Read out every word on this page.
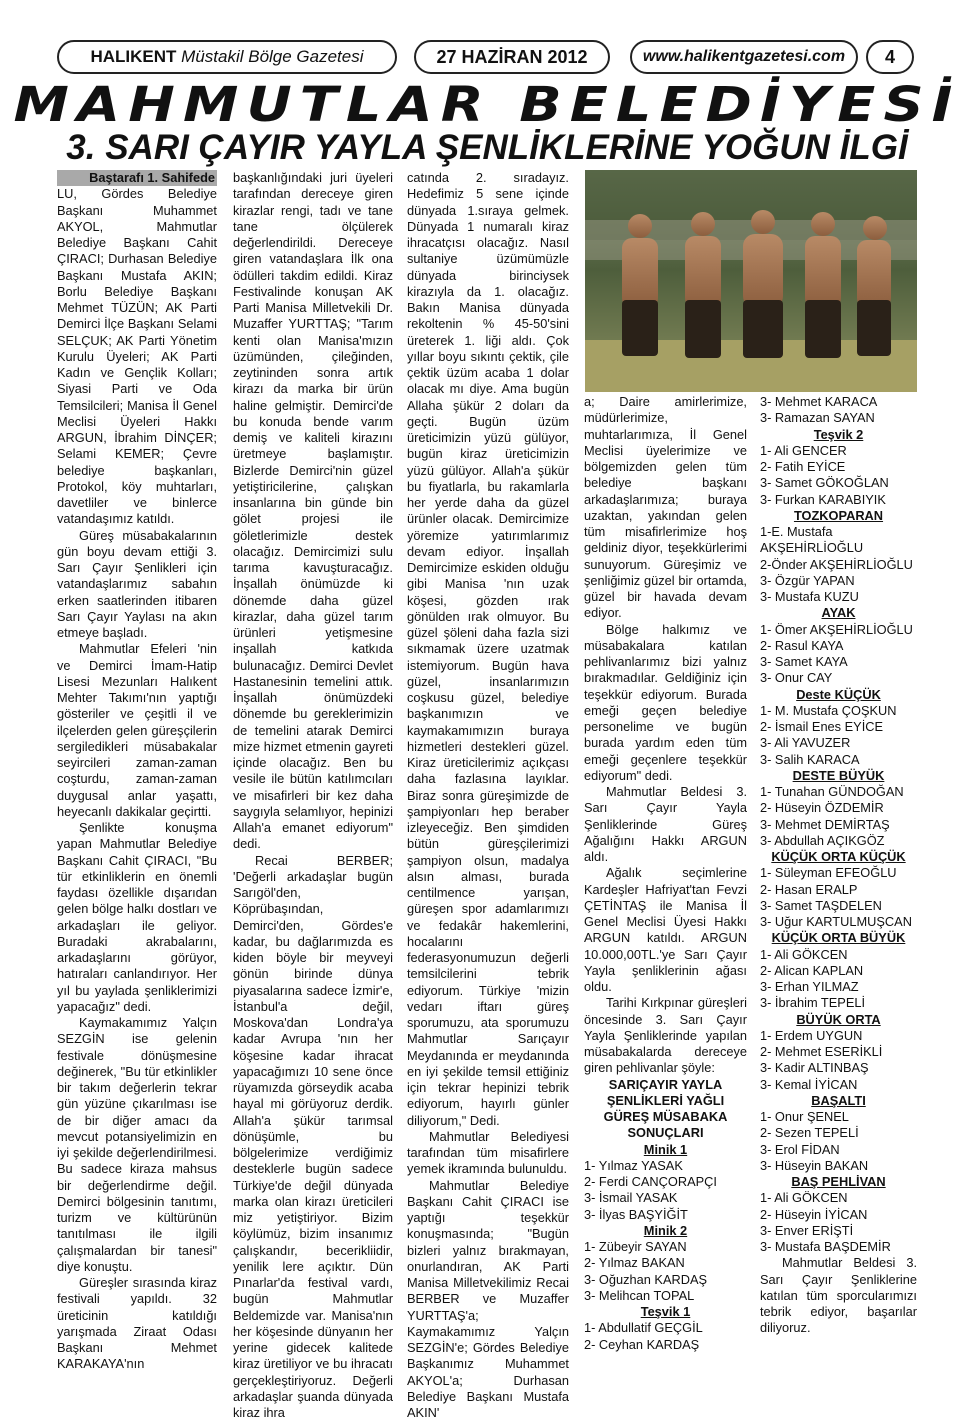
HALIKENT
Müstakil Bölge Gazetesi	27 HAZİRAN 2012	www.halikentgazetesi.com	4
MAHMUTLAR BELEDİYESİ
3. SARI ÇAYIR YAYLA ŞENLİKLERİNE YOĞUN İLGİ
Baştarafı 1. Sahifede

LU, Gördes Belediye Başkanı Muhammet AKYOL, Mahmutlar Belediye Başkanı Cahit ÇIRACI; Durhasan Belediye Başkanı Mustafa AKIN; Borlu Belediye Başkanı Mehmet TÜZÜN; AK Parti Demirci İlçe Başkanı Selami SELÇUK; AK Parti Yönetim Kurulu Üyeleri; AK Parti Kadın ve Gençlik Kolları; Siyasi Parti ve Oda Temsilcileri; Manisa İl Genel Meclisi Üyeleri Hakkı ARGUN, İbrahim DİNÇER; Selami KEMER; Çevre belediye başkanları, Protokol, köy muhtarları, davetliler ve binlerce vatandaşımız katıldı.

Güreş müsabakalarının gün boyu devam ettiği 3. Sarı Çayır Şenlikleri için vatandaşlarımız sabahın erken saatlerinden itibaren Sarı Çayır Yaylası na akın etmeye başladı.

Mahmutlar Efeleri 'nin ve Demirci İmam-Hatip Lisesi Mezunları Halıkent Mehter Takımı'nın yaptığı gösteriler ve çeşitli il ve ilçelerden gelen güreşçilerin sergiledikleri müsabakalar seyircileri zaman-zaman coşturdu, zaman-zaman duygusal anlar yaşattı, heyecanlı dakikalar geçirtti.

Şenlikte konuşma yapan Mahmutlar Belediye Başkanı Cahit ÇIRACI, "Bu tür etkinliklerin en önemli faydası özellikle dışarıdan gelen bölge halkı dostları ve arkadaşları ile geliyor. Buradaki akrabalarını, arkadaşlarını görüyor, hatıraları canlandırıyor. Her yıl bu yaylada şenliklerimizi yapacağız" dedi.

Kaymakamımız Yalçın SEZGİN ise gelenin festivale dönüşmesine değinerek, "Bu tür etkinlikler bir takım değerlerin tekrar gün yüzüne çıkarılması ise de bir diğer amacı da mevcut potansiyelimizin en iyi şekilde değerlendirilmesi. Bu sadece kiraza mahsus bir değerlendirme değil. Demirci bölgesinin tanıtımı, turizm ve kültürünün tanıtılması ile ilgili çalışmalardan bir tanesi" diye konuştu.

Güreşler sırasında kiraz festivali yapıldı. 32 üreticinin katıldığı yarışmada Ziraat Odası Başkanı Mehmet KARAKAYA'nın

başkanlığındaki juri üyeleri tarafından dereceye giren kirazlar rengi, tadı ve tane tane ölçülerek değerlendirildi. Dereceye giren vatandaşlara İlk ona ödülleri takdim edildi. Kiraz Festivalinde konuşan AK Parti Manisa Milletvekili Dr. Muzaffer YURTTAŞ; "Tarım kenti olan Manisa'mızın üzümünden, çileğinden, zeytininden sonra artık kirazı da marka bir ürün haline gelmiştir. Demirci'de bu konuda bende varım demiş ve kaliteli kirazını üretmeye başlamıştır. Bizlerde Demirci'nin güzel yetiştiricilerine, çalışkan insanlarına bin günde bin gölet projesi ile göletlerimizle destek olacağız. Demircimizi sulu tarıma kavuşturacağız. İnşallah önümüzde ki dönemde daha güzel kirazlar, daha güzel tarım ürünleri yetişmesine inşallah katkıda bulunacağız. Demirci Devlet Hastanesinin temelini attık. İnşallah önümüzdeki dönemde bu gereklerimizin de temelini atarak Demirci mize hizmet etmenin gayreti içinde olacağız. Ben bu vesile ile bütün katılımcıları ve misafirleri bir kez daha saygıyla selamlıyor, hepinizi Allah'a emanet ediyorum" dedi.

Recai BERBER; 'Değerli arkadaşlar bugün Sarıgöl'den, Köprübaşından, Demirci'den, Gördes'e kadar, bu dağlarımızda es kiden böyle bir meyveyi gönün birinde dünya piyasalarına sadece İzmir'e, İstanbul'a değil, Moskova'dan Londra'ya kadar Avrupa 'nın her köşesine kadar ihracat yapacağımızı 10 sene önce rüyamızda görseydik acaba hayal mi görüyoruz derdik. Allah'a şükür tarımsal dönüşümle, bu bölgelerimize verdiğimiz desteklerle bugün sadece Türkiye'de değil dünyada marka olan kirazı üreticileri miz yetiştiriyor. Bizim köylümüz, bizim insanımız çalışkandır, becerikliidir, yenilik lere açıktır. Dün Pınarlar'da festival vardı, bugün Mahmutlar Beldemizde var. Manisa'nın her köşesinde dünyanın her yerine gidecek kalitede kiraz üretiliyor ve bu ihracatı gerçekleştiriyoruz. Değerli arkadaşlar şuanda dünyada kiraz ihra

catında 2. sıradayız. Hedefimiz 5 sene içinde dünyada 1.sıraya gelmek. Dünyada 1 numaralı kiraz ihracatçısı olacağız. Nasıl sultaniye üzümümüzle dünyada birinciysek kirazıyla da 1. olacağız. Bakın Manisa dünyada rekoltenin % 45-50'sini üreterek 1. liği aldı. Çok yıllar boyu sıkıntı çektik, çile çektik üzüm acaba 1 dolar olacak mı diye. Ama bugün Allaha şükür 2 doları da geçti. Bugün üzüm üreticimizin yüzü gülüyor, bugün kiraz üreticimizin yüzü gülüyor. Allah'a şükür bu fiyatlarla, bu rakamlarla her yerde daha da güzel ürünler olacak. Demircimize yöremize yatırımlarımız devam ediyor. İnşallah Demircimize eskiden olduğu gibi Manisa 'nın uzak köşesi, gözden ırak gönülden ırak olmuyor. Bu güzel şöleni daha fazla sizi sıkmamak üzere uzatmak istemiyorum. Bugün hava güzel, insanlarımızın coşkusu güzel, belediye başkanımızın ve kaymakamımızın buraya hizmetleri destekleri güzel. Kiraz üreticilerimiz açıkçası daha fazlasına layıklar. Biraz sonra güreşimizde de şampiyonları hep beraber izleyeceğiz. Ben şimdiden bütün güreşçilerimizi şampiyon olsun, madalya alsın alması, burada centilmence yarışan, güreşen spor adamlarımızı ve fedakâr hakemlerini, hocalarını federasyonumuzun değerli temsilcilerini tebrik ediyorum. Türkiye 'mizin vedarı iftarı güreş sporumuzu, ata sporumuzu Mahmutlar Sarıçayır Meydanında er meydanında en iyi şekilde temsil ettiğiniz için tekrar hepinizi tebrik ediyorum, hayırlı günler diliyorum," Dedi.

Mahmutlar Belediyesi tarafından tüm misafirlere yemek ikramında bulunuldu.

Mahmutlar Belediye Başkanı Cahit ÇIRACI ise yaptığı teşekkür konuşmasında; "Bugün bizleri yalnız bırakmayan, onurlandıran, AK Parti Manisa Milletvekilimiz Recai BERBER ve Muzaffer YURTTAŞ'a; Kaymakamımız Yalçın SEZGİN'e; Gördes Belediye Başkanımız Muhammet AKYOL'a; Durhasan Belediye Başkanı Mustafa AKIN'

a; Daire amirlerimize, müdürlerimize, muhtarlarımıza, İl Genel Meclisi üyelerimize ve bölgemizden gelen tüm belediye başkanı arkadaşlarımıza; buraya uzaktan, yakından gelen tüm misafirlerimize hoş geldiniz diyor, teşekkürlerimi sunuyorum. Güreşimiz ve şenliğimiz güzel bir ortamda, güzel bir havada devam ediyor.

Bölge halkımız ve müsabakalara katılan pehlivanlarımız bizi yalnız bırakmadılar. Geldiğiniz için teşekkür ediyorum. Burada emeği geçen belediye personelime ve bugün burada yardım eden tüm emeği geçenlere teşekkür ediyorum" dedi.

Mahmutlar Beldesi 3. Sarı Çayır Yayla Şenliklerinde Güreş Ağalığını Hakkı ARGUN aldı.

Ağalık seçimlerine Kardeşler Hafriyat'tan Fevzi ÇETİNTAŞ ile Manisa İl Genel Meclisi Üyesi Hakkı ARGUN katıldı. ARGUN 10.000,00TL.'ye Sarı Çayır Yayla şenliklerinin ağası oldu.

Tarihi Kırkpınar güreşleri öncesinde 3. Sarı Çayır Yayla Şenliklerinde yapılan müsabakalarda dereceye giren pehlivanlar şöyle:

SARIÇAYIR YAYLA ŞENLİKLERİ YAĞLI GÜREŞ MÜSABAKA SONUÇLARI
Minik 1
1- Yılmaz YASAK
2- Ferdi CANÇORAPÇI
3- İsmail YASAK
3- İlyas BAŞYİĞİT
Minik 2
1- Zübeyir SAYAN
2- Yılmaz BAKAN
3- Oğuzhan KARDAŞ
3- Melihcan TOPAL
Teşvik 1
1- Abdullatif GEÇGİL
2- Ceyhan KARDAŞ
3- Mehmet KARACA
3- Ramazan SAYAN
Teşvik 2
1- Ali GENCER
2- Fatih EYİCE
3- Samet GÖKOĞLAN
3- Furkan KARABIYIK
TOZKOPARAN
1-E. Mustafa AKŞEHİRLİOĞLU
2-Önder AKŞEHİRLİOĞLU
3- Özgür YAPAN
3- Mustafa KUZU
AYAK
1- Ömer AKŞEHİRLİOĞLU
2- Rasul KAYA
3- Samet KAYA
3- Onur CAY
Deste KÜÇÜK
1- M. Mustafa ÇOŞKUN
2- İsmail Enes EYİCE
3- Ali YAVUZER
3- Salih KARACA
DESTE BÜYÜK
1- Tunahan GÜNDOĞAN
2- Hüseyin ÖZDEMİR
3- Mehmet DEMİRTAŞ
3- Abdullah AÇIKGÖZ
KÜÇÜK ORTA KÜÇÜK
1- Süleyman EFEOĞLU
2- Hasan ERALP
3- Samet TAŞDELEN
3- Uğur KARTULMUŞCAN
KÜÇÜK ORTA BÜYÜK
1- Ali GÖKCEN
2- Alican KAPLAN
3- Erhan YILMAZ
3- İbrahim TEPELİ
BÜYÜK ORTA
1- Erdem UYGUN
2- Mehmet ESERİKLİ
3- Kadir ALTINBAŞ
3- Kemal İYİCAN
BAŞALTI
1- Onur ŞENEL
2- Sezen TEPELİ
3- Erol FİDAN
3- Hüseyin BAKAN
BAŞ PEHLİVAN
1- Ali GÖKCEN
2- Hüseyin İYİCAN
3- Enver ERİŞTİ
3- Mustafa BAŞDEMİR

Mahmutlar Beldesi 3. Sarı Çayır Şenliklerine katılan tüm sporcularımızı tebrik ediyor, başarılar diliyoruz.
